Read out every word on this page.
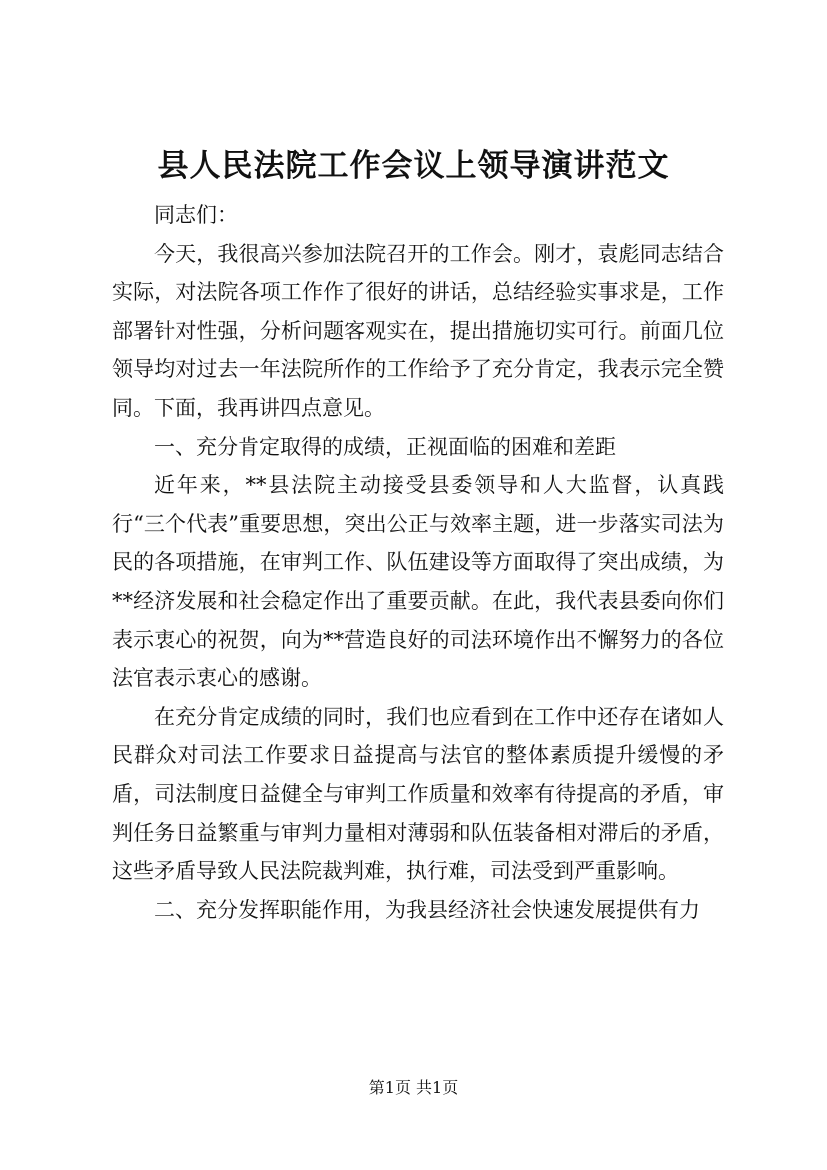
县人民法院工作会议上领导演讲范文

同志们：

今天，我很高兴参加法院召开的工作会。刚才，袁彪同志结合实际，对法院各项工作作了很好的讲话，总结经验实事求是，工作部署针对性强，分析问题客观实在，提出措施切实可行。前面几位领导均对过去一年法院所作的工作给予了充分肯定，我表示完全赞同。下面，我再讲四点意见。

一、充分肯定取得的成绩，正视面临的困难和差距

近年来，**县法院主动接受县委领导和人大监督，认真践行“三个代表”重要思想，突出公正与效率主题，进一步落实司法为民的各项措施，在审判工作、队伍建设等方面取得了突出成绩，为**经济发展和社会稳定作出了重要贡献。在此，我代表县委向你们表示衷心的祝贺，向为**营造良好的司法环境作出不懈努力的各位法官表示衷心的感谢。

在充分肯定成绩的同时，我们也应看到在工作中还存在诸如人民群众对司法工作要求日益提高与法官的整体素质提升缓慢的矛盾，司法制度日益健全与审判工作质量和效率有待提高的矛盾，审判任务日益繁重与审判力量相对薄弱和队伍装备相对滞后的矛盾，这些矛盾导致人民法院裁判难，执行难，司法受到严重影响。

二、充分发挥职能作用，为我县经济社会快速发展提供有力

第1页 共1页
